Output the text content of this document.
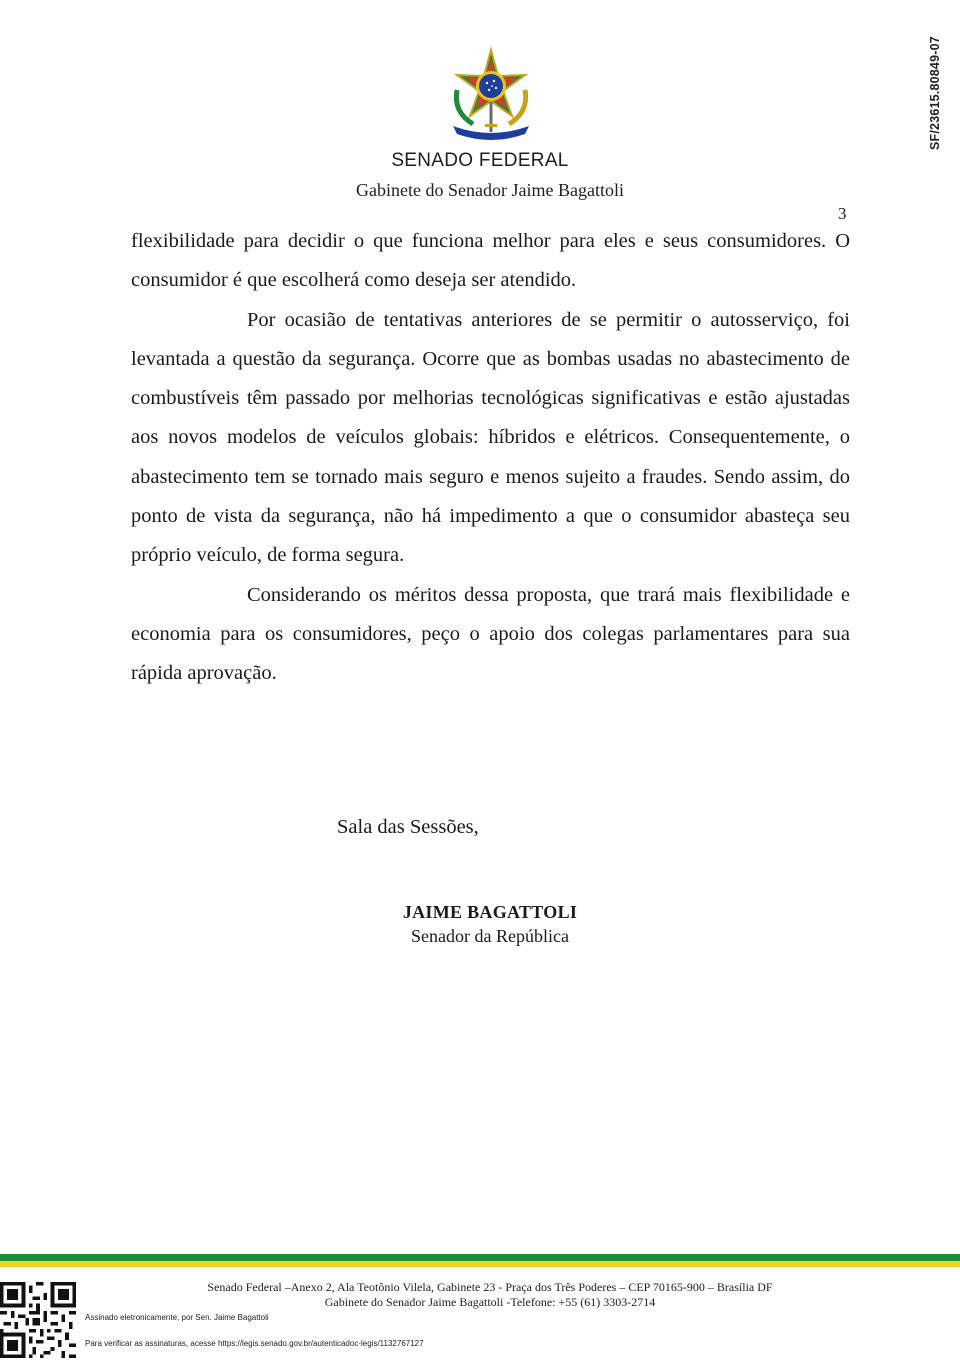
SF/23615.80849-07
SENADO FEDERAL
Gabinete do Senador Jaime Bagattoli
3

flexibilidade para decidir o que funciona melhor para eles e seus consumidores. O consumidor é que escolherá como deseja ser atendido.

Por ocasião de tentativas anteriores de se permitir o autosserviço, foi levantada a questão da segurança. Ocorre que as bombas usadas no abastecimento de combustíveis têm passado por melhorias tecnológicas significativas e estão ajustadas aos novos modelos de veículos globais: híbridos e elétricos. Consequentemente, o abastecimento tem se tornado mais seguro e menos sujeito a fraudes. Sendo assim, do ponto de vista da segurança, não há impedimento a que o consumidor abasteça seu próprio veículo, de forma segura.

Considerando os méritos dessa proposta, que trará mais flexibilidade e economia para os consumidores, peço o apoio dos colegas parlamentares para sua rápida aprovação.

Sala das Sessões,
JAIME BAGATTOLI
Senador da República
Senado Federal –Anexo 2, Ala Teotônio Vilela, Gabinete 23 - Praça dos Três Poderes – CEP 70165-900 – Brasília DF
Gabinete do Senador Jaime Bagattoli -Telefone: +55 (61) 3303-2714
Assinado eletronicamente, por Sen. Jaime Bagattoli
Para verificar as assinaturas, acesse https://legis.senado.gov.br/autenticadoc-legis/1132767127
